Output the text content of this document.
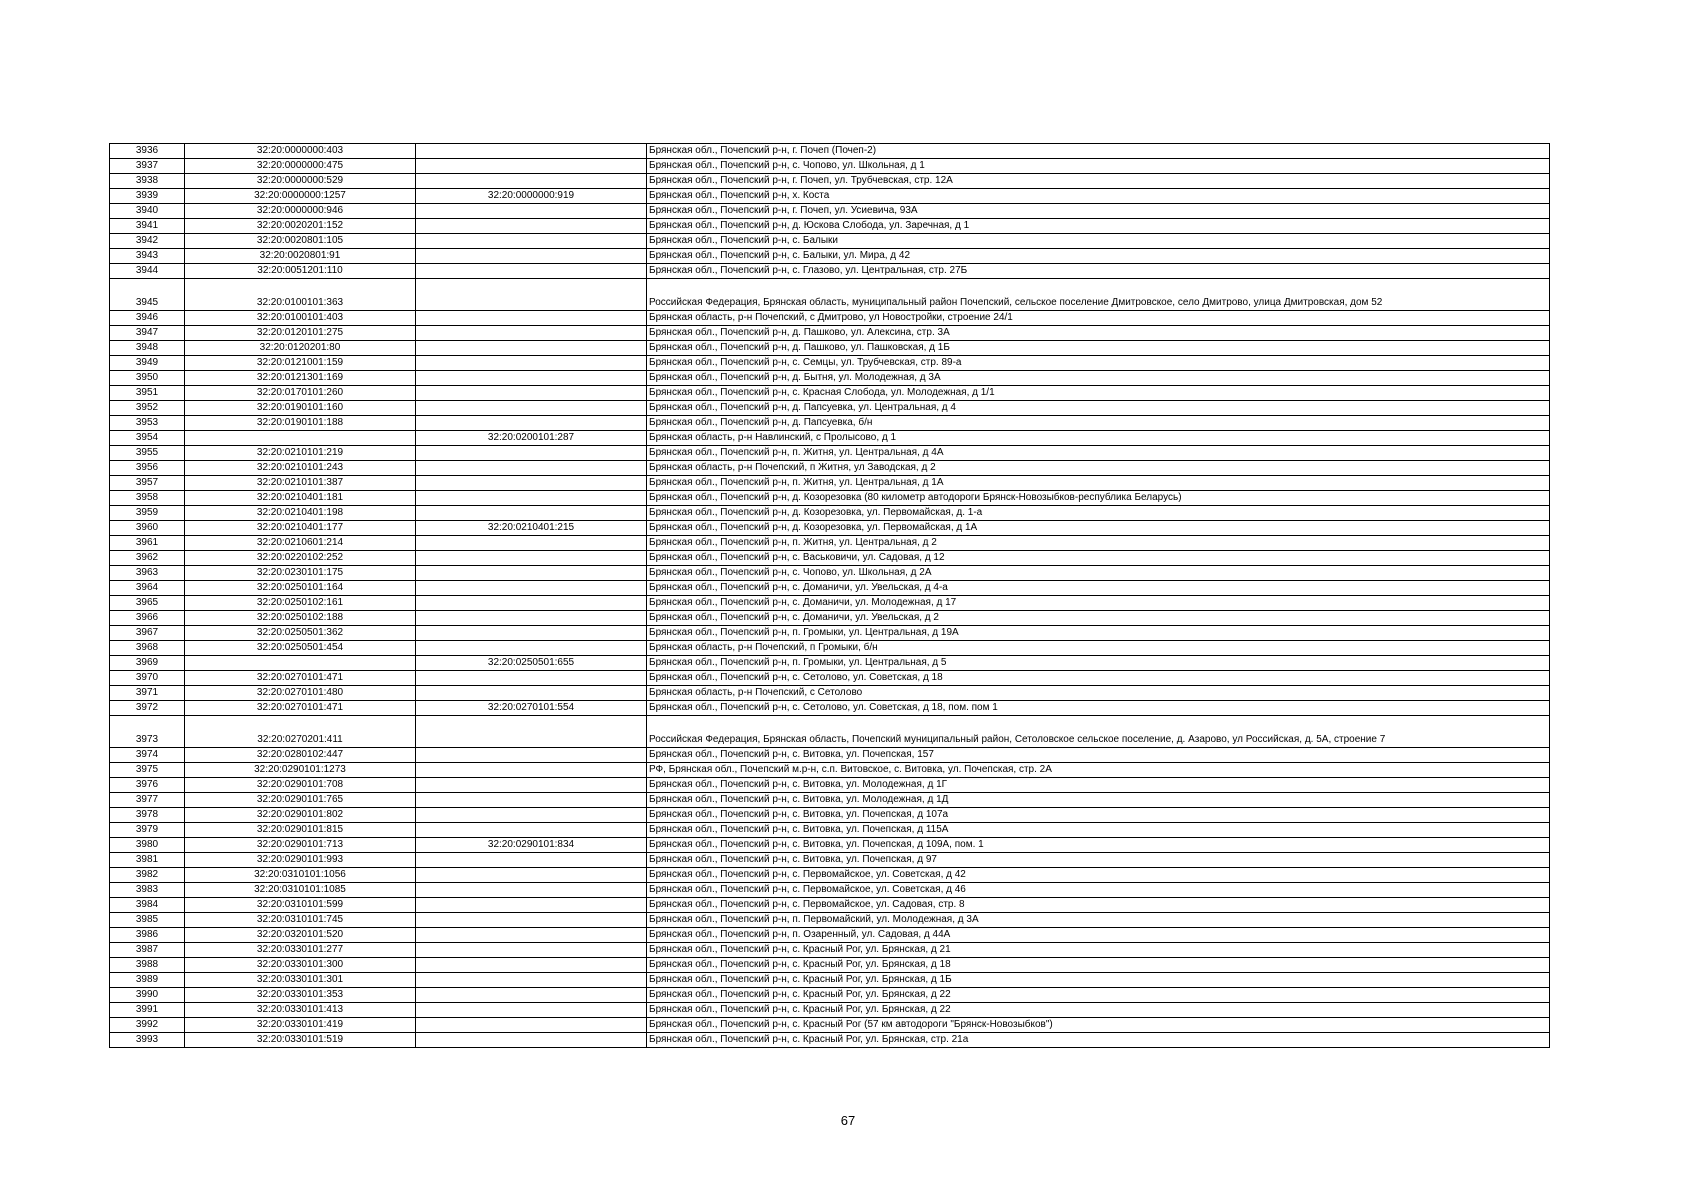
3936	32:20:0000000:403		Брянская обл., Почепский р-н, г. Почеп (Почеп-2)
3937	32:20:0000000:475		Брянская обл., Почепский р-н, с. Чопово, ул. Школьная, д 1
3938	32:20:0000000:529		Брянская обл., Почепский р-н, г. Почеп, ул. Трубчевская, стр. 12А
3939	32:20:0000000:1257	32:20:0000000:919	Брянская обл., Почепский р-н, х. Коста
3940	32:20:0000000:946		Брянская обл., Почепский р-н, г. Почеп, ул. Усиевича, 93А
3941	32:20:0020201:152		Брянская обл., Почепский р-н, д. Юскова Слобода, ул. Заречная, д 1
3942	32:20:0020801:105		Брянская обл., Почепский р-н, с. Балыки
3943	32:20:0020801:91		Брянская обл., Почепский р-н, с. Балыки, ул. Мира, д 42
3944	32:20:0051201:110		Брянская обл., Почепский р-н, с. Глазово, ул. Центральная, стр. 27Б
3945	32:20:0100101:363		Российская Федерация, Брянская область, муниципальный район Почепский, сельское поселение Дмитровское, село Дмитрово, улица Дмитровская, дом 52
3946	32:20:0100101:403		Брянская область, р-н Почепский, с Дмитрово, ул Новостройки, строение 24/1
3947	32:20:0120101:275		Брянская обл., Почепский р-н, д. Пашково, ул. Алексина, стр. 3А
3948	32:20:0120201:80		Брянская обл., Почепский р-н, д. Пашково, ул. Пашковская, д 1Б
3949	32:20:0121001:159		Брянская обл., Почепский р-н, с. Семцы, ул. Трубчевская, стр. 89-а
3950	32:20:0121301:169		Брянская обл., Почепский р-н, д. Бытня, ул. Молодежная, д 3А
3951	32:20:0170101:260		Брянская обл., Почепский р-н, с. Красная Слобода, ул. Молодежная, д 1/1
3952	32:20:0190101:160		Брянская обл., Почепский р-н, д. Папсуевка, ул. Центральная, д 4
3953	32:20:0190101:188		Брянская обл., Почепский р-н, д. Папсуевка, б/н
3954		32:20:0200101:287	Брянская область, р-н Навлинский, с Пролысово, д 1
3955	32:20:0210101:219		Брянская обл., Почепский р-н, п. Житня, ул. Центральная, д 4А
3956	32:20:0210101:243		Брянская область, р-н Почепский, п Житня, ул Заводская, д 2
3957	32:20:0210101:387		Брянская обл., Почепский р-н, п. Житня, ул. Центральная, д 1А
3958	32:20:0210401:181		Брянская обл., Почепский р-н, д. Козорезовка (80 километр автодороги Брянск-Новозыбков-республика Беларусь)
3959	32:20:0210401:198		Брянская обл., Почепский р-н, д. Козорезовка, ул. Первомайская, д. 1-а
3960	32:20:0210401:177	32:20:0210401:215	Брянская обл., Почепский р-н, д. Козорезовка, ул. Первомайская, д 1А
3961	32:20:0210601:214		Брянская обл., Почепский р-н, п. Житня, ул. Центральная, д 2
3962	32:20:0220102:252		Брянская обл., Почепский р-н, с. Васьковичи, ул. Садовая, д 12
3963	32:20:0230101:175		Брянская обл., Почепский р-н, с. Чопово, ул. Школьная, д 2А
3964	32:20:0250101:164		Брянская обл., Почепский р-н, с. Доманичи, ул. Увельская, д 4-а
3965	32:20:0250102:161		Брянская обл., Почепский р-н, с. Доманичи, ул. Молодежная, д 17
3966	32:20:0250102:188		Брянская обл., Почепский р-н, с. Доманичи, ул. Увельская, д 2
3967	32:20:0250501:362		Брянская обл., Почепский р-н, п. Громыки, ул. Центральная, д 19А
3968	32:20:0250501:454		Брянская область, р-н Почепский, п Громыки, б/н
3969		32:20:0250501:655	Брянская обл., Почепский р-н, п. Громыки, ул. Центральная, д 5
3970	32:20:0270101:471		Брянская обл., Почепский р-н, с. Сетолово, ул. Советская, д 18
3971	32:20:0270101:480		Брянская область, р-н Почепский, с Сетолово
3972	32:20:0270101:471	32:20:0270101:554	Брянская обл., Почепский р-н, с. Сетолово, ул. Советская, д 18, пом. пом 1
3973	32:20:0270201:411		Российская Федерация, Брянская область, Почепский муниципальный район, Сетоловское сельское поселение, д. Азарово, ул Российская, д. 5А, строение 7
3974	32:20:0280102:447		Брянская обл., Почепский р-н, с. Витовка, ул. Почепская, 157
3975	32:20:0290101:1273		РФ, Брянская обл., Почепский м.р-н, с.п. Витовское, с. Витовка, ул. Почепская, стр. 2А
3976	32:20:0290101:708		Брянская обл., Почепский р-н, с. Витовка, ул. Молодежная, д 1Г
3977	32:20:0290101:765		Брянская обл., Почепский р-н, с. Витовка, ул. Молодежная, д 1Д
3978	32:20:0290101:802		Брянская обл., Почепский р-н, с. Витовка, ул. Почепская, д 107а
3979	32:20:0290101:815		Брянская обл., Почепский р-н, с. Витовка, ул. Почепская, д 115А
3980	32:20:0290101:713	32:20:0290101:834	Брянская обл., Почепский р-н, с. Витовка, ул. Почепская, д 109А, пом. 1
3981	32:20:0290101:993		Брянская обл., Почепский р-н, с. Витовка, ул. Почепская, д 97
3982	32:20:0310101:1056		Брянская обл., Почепский р-н, с. Первомайское, ул. Советская, д 42
3983	32:20:0310101:1085		Брянская обл., Почепский р-н, с. Первомайское, ул. Советская, д 46
3984	32:20:0310101:599		Брянская обл., Почепский р-н, с. Первомайское, ул. Садовая, стр. 8
3985	32:20:0310101:745		Брянская обл., Почепский р-н, п. Первомайский, ул. Молодежная, д 3А
3986	32:20:0320101:520		Брянская обл., Почепский р-н, п. Озаренный, ул. Садовая, д 44А
3987	32:20:0330101:277		Брянская обл., Почепский р-н, с. Красный Рог, ул. Брянская, д 21
3988	32:20:0330101:300		Брянская обл., Почепский р-н, с. Красный Рог, ул. Брянская, д 18
3989	32:20:0330101:301		Брянская обл., Почепский р-н, с. Красный Рог, ул. Брянская, д 1Б
3990	32:20:0330101:353		Брянская обл., Почепский р-н, с. Красный Рог, ул. Брянская, д 22
3991	32:20:0330101:413		Брянская обл., Почепский р-н, с. Красный Рог, ул. Брянская, д 22
3992	32:20:0330101:419		Брянская обл., Почепский р-н, с. Красный Рог (57 км автодороги "Брянск-Новозыбков")
3993	32:20:0330101:519		Брянская обл., Почепский р-н, с. Красный Рог, ул. Брянская, стр. 21а
67
